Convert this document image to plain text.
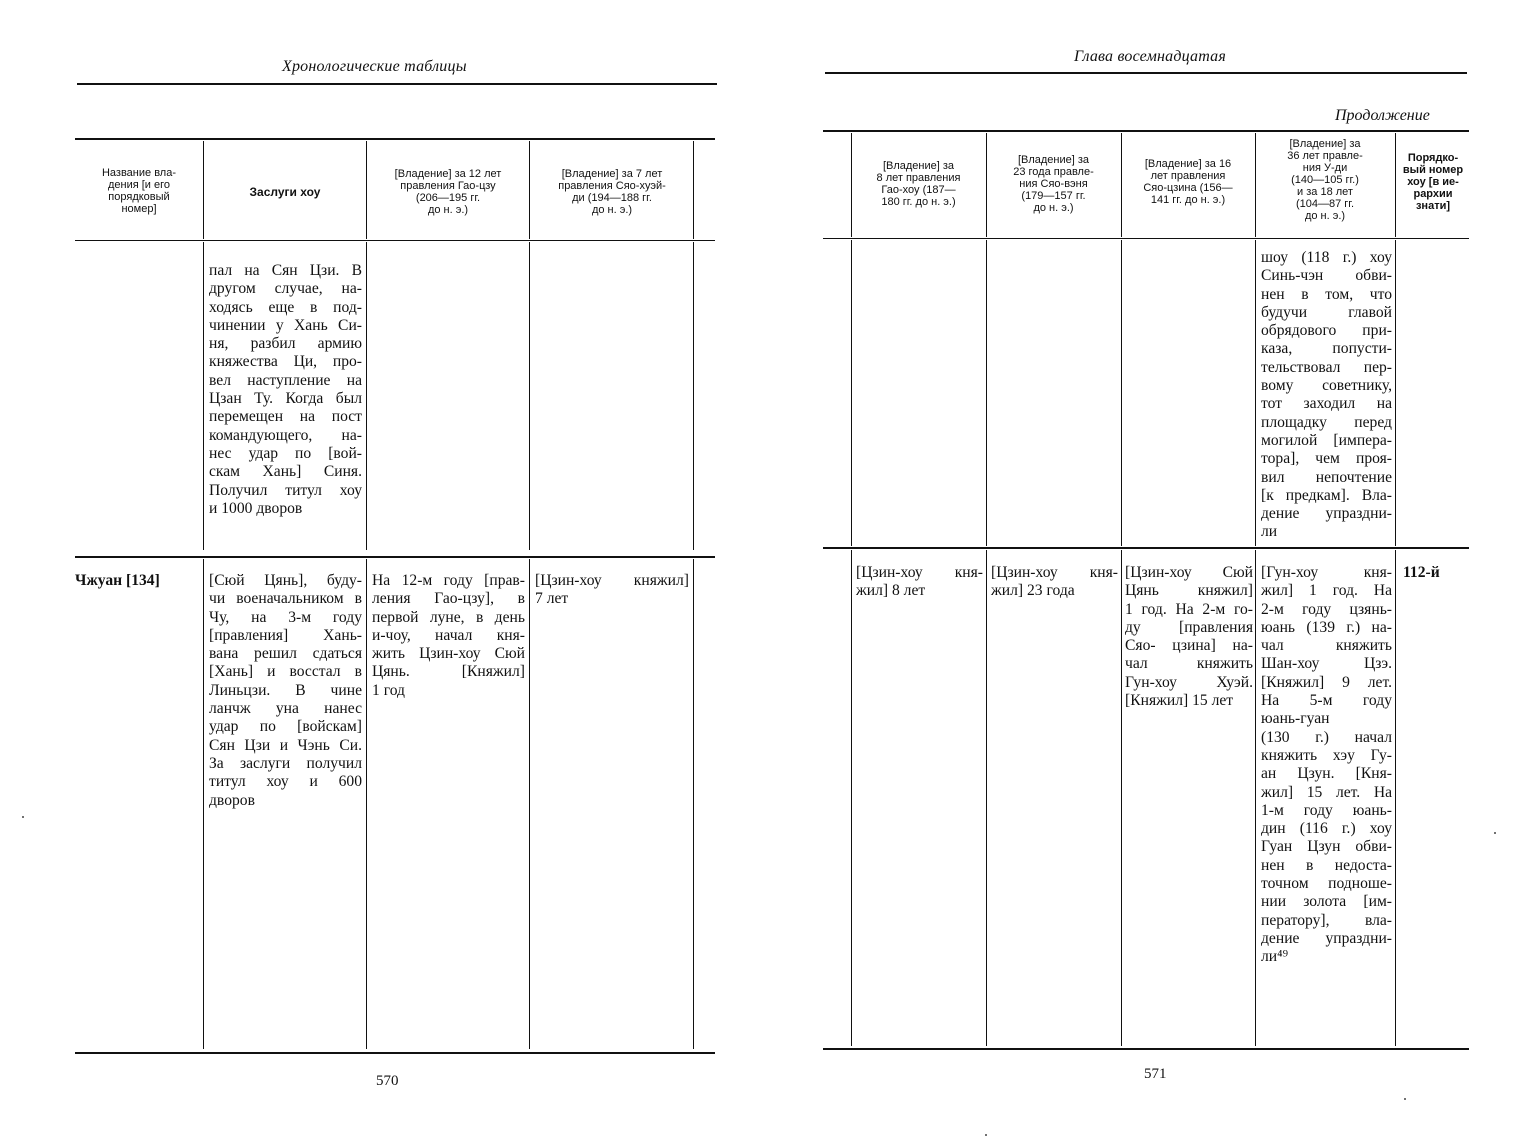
Хронологические таблицы
Название вла-
дения [и его
порядковый
номер]
Заслуги хоу
[Владение] за 12 лет
правления Гао-цзу
(206—195 гг.
до н. э.)
[Владение] за 7 лет
правления Сяо-хуэй-
ди (194—188 гг.
до н. э.)
пал на Сян Цзи. В
другом случае, на-
ходясь еще в под-
чинении у Хань Си-
ня, разбил армию
княжества Ци, про-
вел наступление на
Цзан Ту. Когда был
перемещен на пост
командующего, на-
нес удар по [вой-
скам Хань] Синя.
Получил титул хоу
и 1000 дворов
Чжуан [134]	[Сюй Цянь], буду-
чи военачальником в
Чу, на 3-м году
[правления] Хань-
вана решил сдаться
[Хань] и восстал в
Линьцзи. В чине
ланчж уна нанес
удар по [войскам]
Сян Цзи и Чэнь Си.
За заслуги получил
титул хоу и 600
дворов
На 12-м году [прав-
ления Гао-цзу], в
первой луне, в день
и-чоу, начал кня-
жить Цзин-хоу Сюй
Цянь. [Княжил]
1 год
[Цзин-хоу княжил]
7 лет
570
Глава восемнадцатая
Продолжение
[Владение] за
8 лет правления
Гао-хоу (187—
180 гг. до н. э.)
[Владение] за
23 года правле-
ния Сяо-вэня
(179—157 гг.
до н. э.)
[Владение] за 16
лет правления
Сяо-цзина (156—
141 гг. до н. э.)
[Владение] за
36 лет правле-
ния У-ди
(140—105 гг.)
и за 18 лет
(104—87 гг.
до н. э.)
Порядко-
вый номер
хоу [в ие-
рархии
знати]
шоу (118 г.) хоу
Синь-чэн обви-
нен в том, что
будучи главой
обрядового при-
каза, попусти-
тельствовал пер-
вому советнику,
тот заходил на
площадку перед
могилой [импера-
тора], чем проя-
вил непочтение
[к предкам]. Вла-
дение упраздни-
ли
[Цзин-хоу кня-
жил] 8 лет
[Цзин-хоу кня-
жил] 23 года
[Цзин-хоу Сюй
Цянь княжил]
1 год. На 2-м го-
ду [правления
Сяо- цзина] на-
чал княжить
Гун-хоу Хуэй.
[Княжил] 15 лет
[Гун-хоу кня-
жил] 1 год. На
2-м году цзянь-
юань (139 г.) на-
чал княжить
Шан-хоу Цзэ.
[Княжил] 9 лет.
На 5-м году
юань-гуан
(130 г.) начал
княжить хэу Гу-
ан Цзун. [Кня-
жил] 15 лет. На
1-м году юань-
дин (116 г.) хоу
Гуан Цзун обви-
нен в недоста-
точном подноше-
нии золота [им-
ператору], вла-
дение упраздни-
ли⁴⁹
112-й
571
